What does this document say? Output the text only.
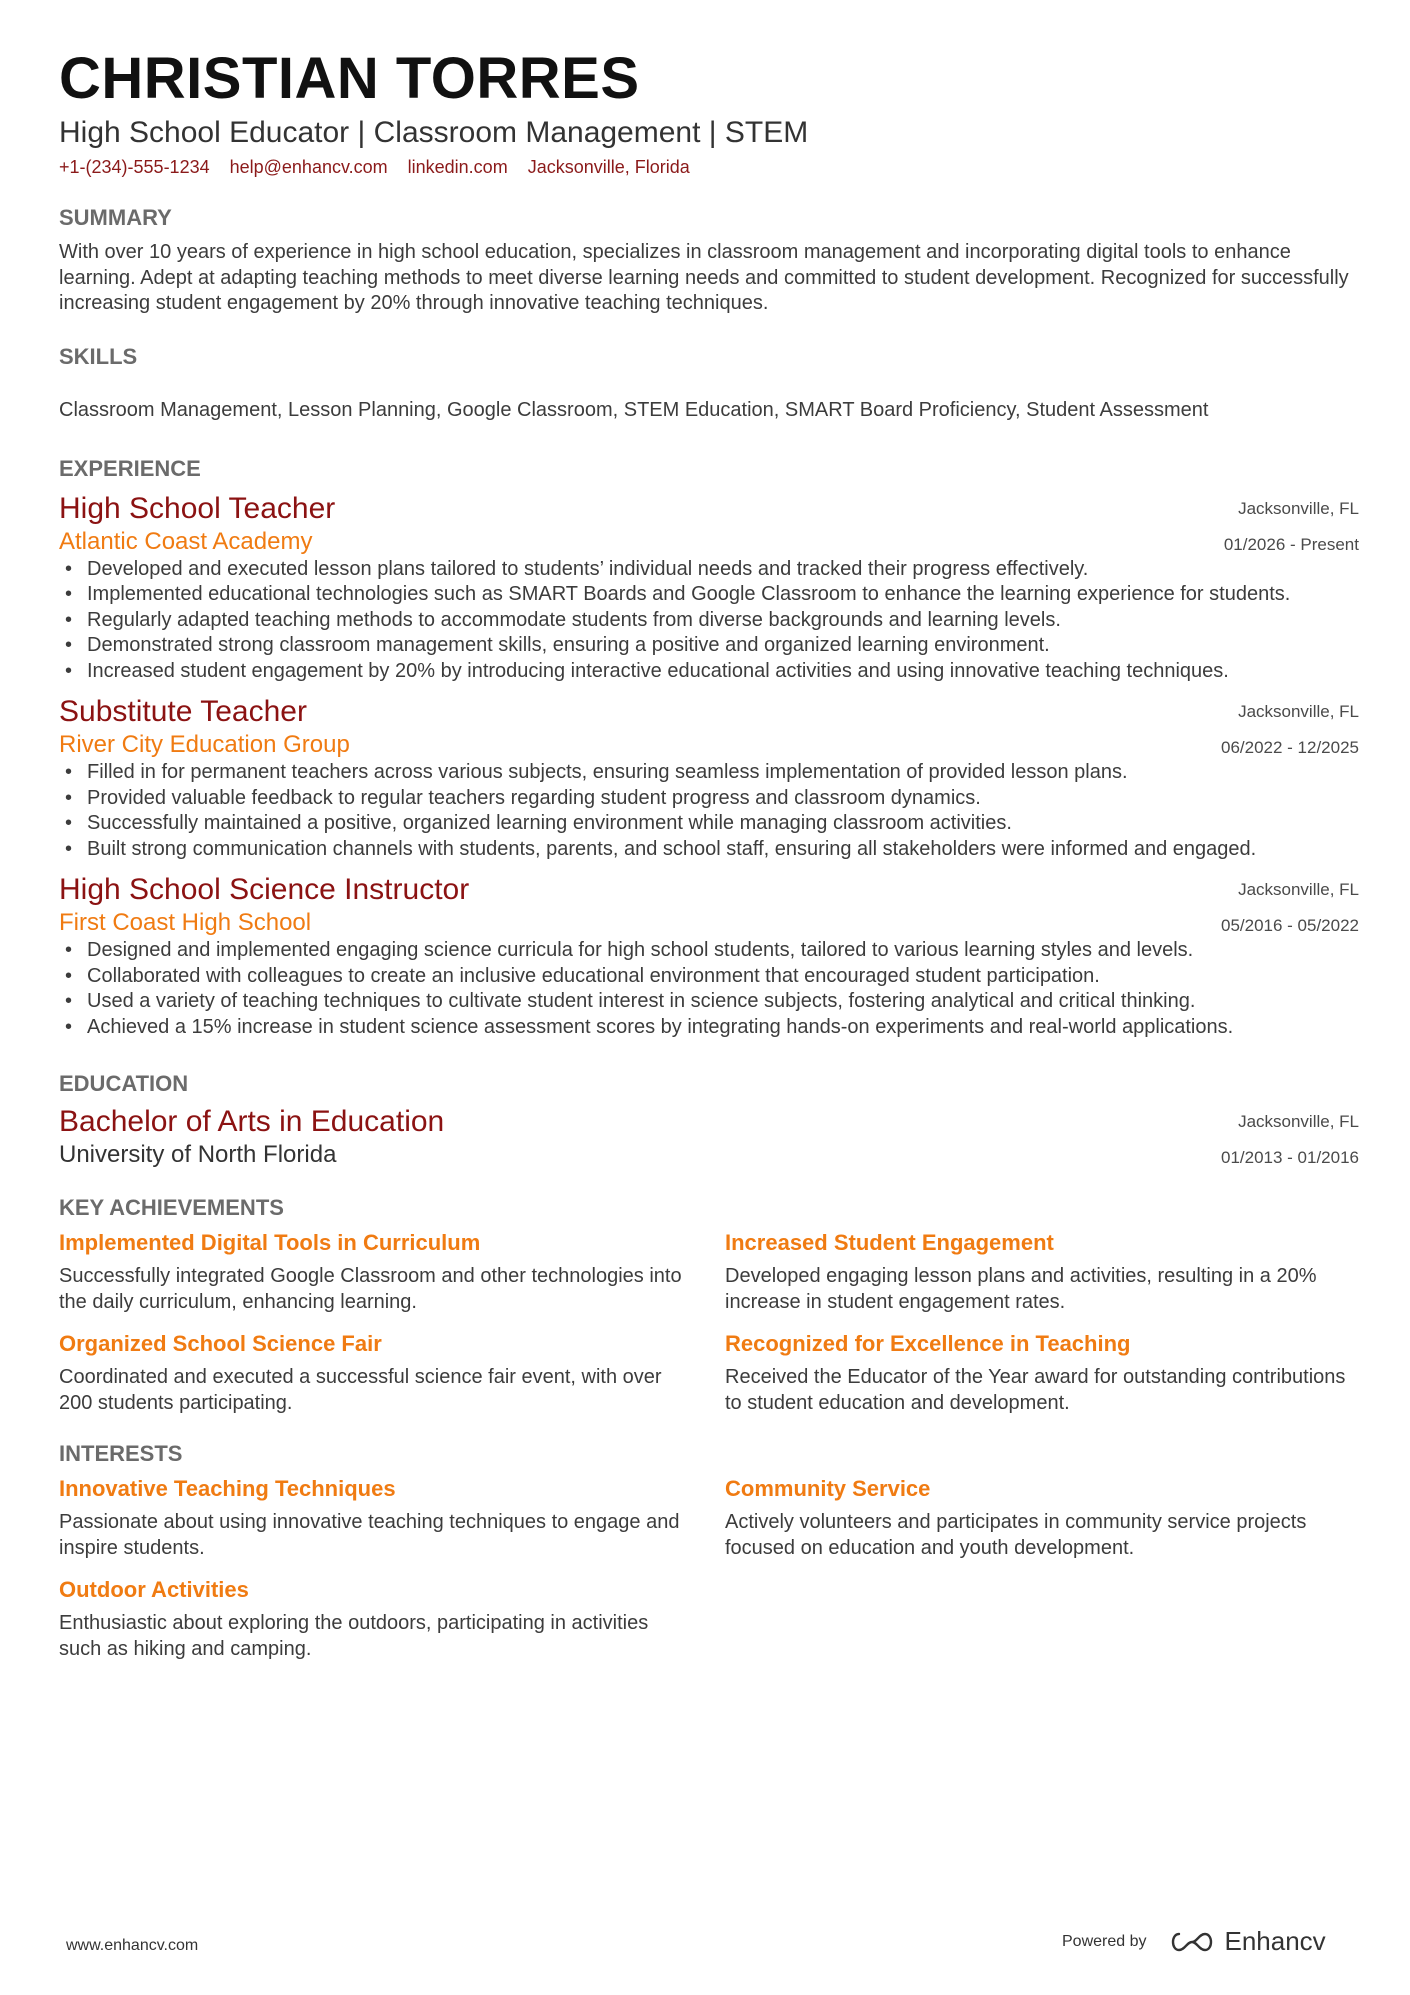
CHRISTIAN TORRES
High School Educator | Classroom Management | STEM
+1-(234)-555-1234 help@enhancv.com linkedin.com Jacksonville, Florida
SUMMARY
With over 10 years of experience in high school education, specializes in classroom management and incorporating digital tools to enhance learning. Adept at adapting teaching methods to meet diverse learning needs and committed to student development. Recognized for successfully increasing student engagement by 20% through innovative teaching techniques.
SKILLS
Classroom Management, Lesson Planning, Google Classroom, STEM Education, SMART Board Proficiency, Student Assessment
EXPERIENCE
High School Teacher
Atlantic Coast Academy
Jacksonville, FL
01/2026 - Present
• Developed and executed lesson plans tailored to students’ individual needs and tracked their progress effectively.
• Implemented educational technologies such as SMART Boards and Google Classroom to enhance the learning experience for students.
• Regularly adapted teaching methods to accommodate students from diverse backgrounds and learning levels.
• Demonstrated strong classroom management skills, ensuring a positive and organized learning environment.
• Increased student engagement by 20% by introducing interactive educational activities and using innovative teaching techniques.
Substitute Teacher
River City Education Group
Jacksonville, FL
06/2022 - 12/2025
• Filled in for permanent teachers across various subjects, ensuring seamless implementation of provided lesson plans.
• Provided valuable feedback to regular teachers regarding student progress and classroom dynamics.
• Successfully maintained a positive, organized learning environment while managing classroom activities.
• Built strong communication channels with students, parents, and school staff, ensuring all stakeholders were informed and engaged.
High School Science Instructor
First Coast High School
Jacksonville, FL
05/2016 - 05/2022
• Designed and implemented engaging science curricula for high school students, tailored to various learning styles and levels.
• Collaborated with colleagues to create an inclusive educational environment that encouraged student participation.
• Used a variety of teaching techniques to cultivate student interest in science subjects, fostering analytical and critical thinking.
• Achieved a 15% increase in student science assessment scores by integrating hands-on experiments and real-world applications.
EDUCATION
Bachelor of Arts in Education
University of North Florida
Jacksonville, FL
01/2013 - 01/2016
KEY ACHIEVEMENTS
Implemented Digital Tools in Curriculum
Successfully integrated Google Classroom and other technologies into the daily curriculum, enhancing learning.
Increased Student Engagement
Developed engaging lesson plans and activities, resulting in a 20% increase in student engagement rates.
Organized School Science Fair
Coordinated and executed a successful science fair event, with over 200 students participating.
Recognized for Excellence in Teaching
Received the Educator of the Year award for outstanding contributions to student education and development.
INTERESTS
Innovative Teaching Techniques
Passionate about using innovative teaching techniques to engage and inspire students.
Community Service
Actively volunteers and participates in community service projects focused on education and youth development.
Outdoor Activities
Enthusiastic about exploring the outdoors, participating in activities such as hiking and camping.
www.enhancv.com	Powered by	Enhancv
